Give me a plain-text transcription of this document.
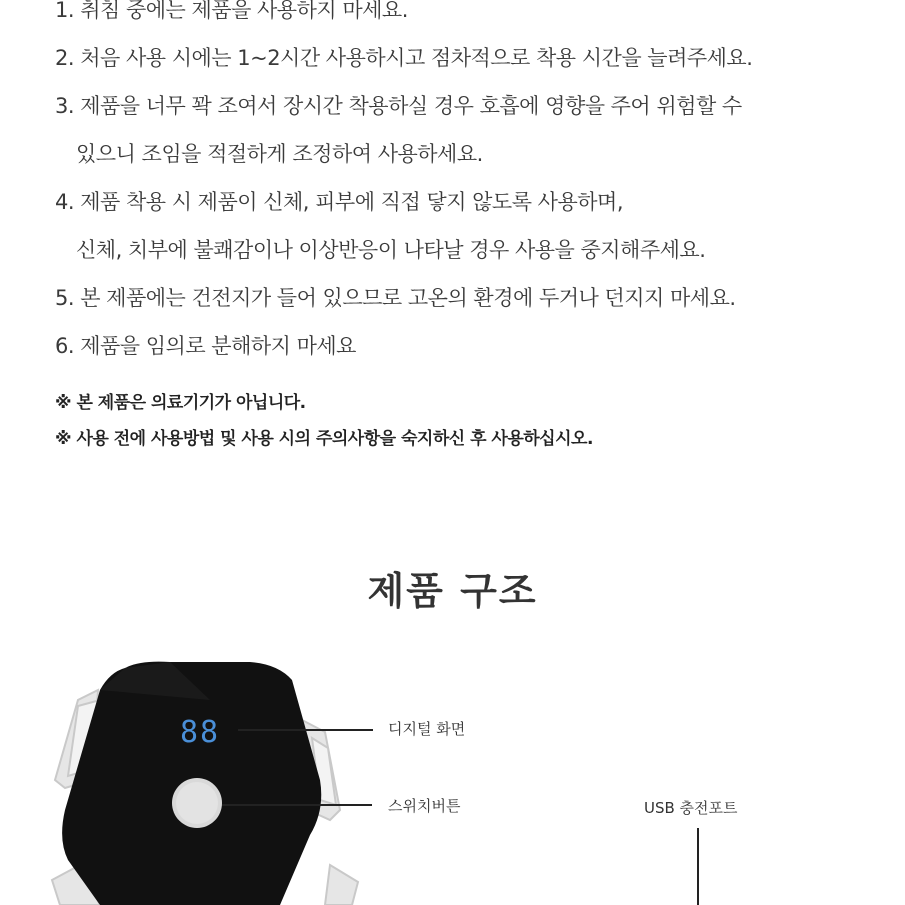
1. 취침 중에는 제품을 사용하지 마세요.
2. 처음 사용 시에는 1~2시간 사용하시고 점차적으로 착용 시간을 늘려주세요.
3. 제품을 너무 꽉 조여서 장시간 착용하실 경우 호흡에 영향을 주어 위험할 수
있으니 조임을 적절하게 조정하여 사용하세요.
4. 제품 착용 시 제품이 신체, 피부에 직접 닿지 않도록 사용하며,
신체, 치부에 불쾌감이나 이상반응이 나타날 경우 사용을 중지해주세요.
5. 본 제품에는 건전지가 들어 있으므로 고온의 환경에 두거나 던지지 마세요.
6. 제품을 임의로 분해하지 마세요
※ 본 제품은 의료기기가 아닙니다.
※ 사용 전에 사용방법 및 사용 시의 주의사항을 숙지하신 후 사용하십시오.
제품 구조
88	디지털 화면
스위치버튼	USB 충전포트
